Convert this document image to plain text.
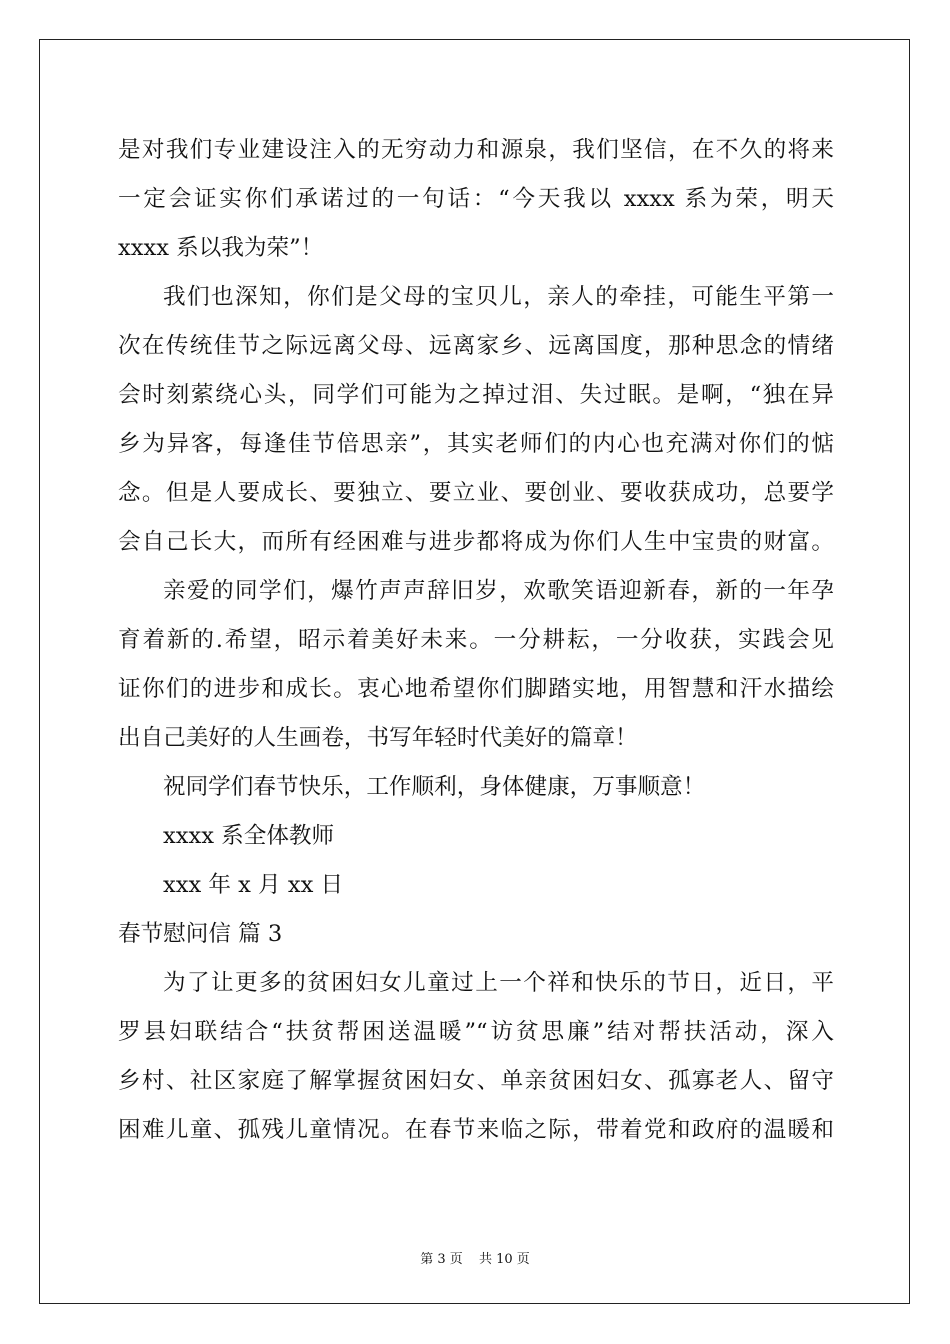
是对我们专业建设注入的无穷动力和源泉，我们坚信，在不久的将来
一定会证实你们承诺过的一句话：“今天我以 xxxx 系为荣，明天
xxxx 系以我为荣”！
我们也深知，你们是父母的宝贝儿，亲人的牵挂，可能生平第一
次在传统佳节之际远离父母、远离家乡、远离国度，那种思念的情绪
会时刻萦绕心头，同学们可能为之掉过泪、失过眠。是啊，“独在异
乡为异客，每逢佳节倍思亲”，其实老师们的内心也充满对你们的惦
念。但是人要成长、要独立、要立业、要创业、要收获成功，总要学
会自己长大，而所有经困难与进步都将成为你们人生中宝贵的财富。
亲爱的同学们，爆竹声声辞旧岁，欢歌笑语迎新春，新的一年孕
育着新的.希望，昭示着美好未来。一分耕耘，一分收获，实践会见
证你们的进步和成长。衷心地希望你们脚踏实地，用智慧和汗水描绘
出自己美好的人生画卷，书写年轻时代美好的篇章！
祝同学们春节快乐，工作顺利，身体健康，万事顺意！
xxxx 系全体教师
xxx 年 x 月 xx 日
春节慰问信 篇 3
为了让更多的贫困妇女儿童过上一个祥和快乐的节日，近日，平
罗县妇联结合“扶贫帮困送温暖”“访贫思廉”结对帮扶活动，深入
乡村、社区家庭了解掌握贫困妇女、单亲贫困妇女、孤寡老人、留守
困难儿童、孤残儿童情况。在春节来临之际，带着党和政府的温暖和
第 3 页 共 10 页
